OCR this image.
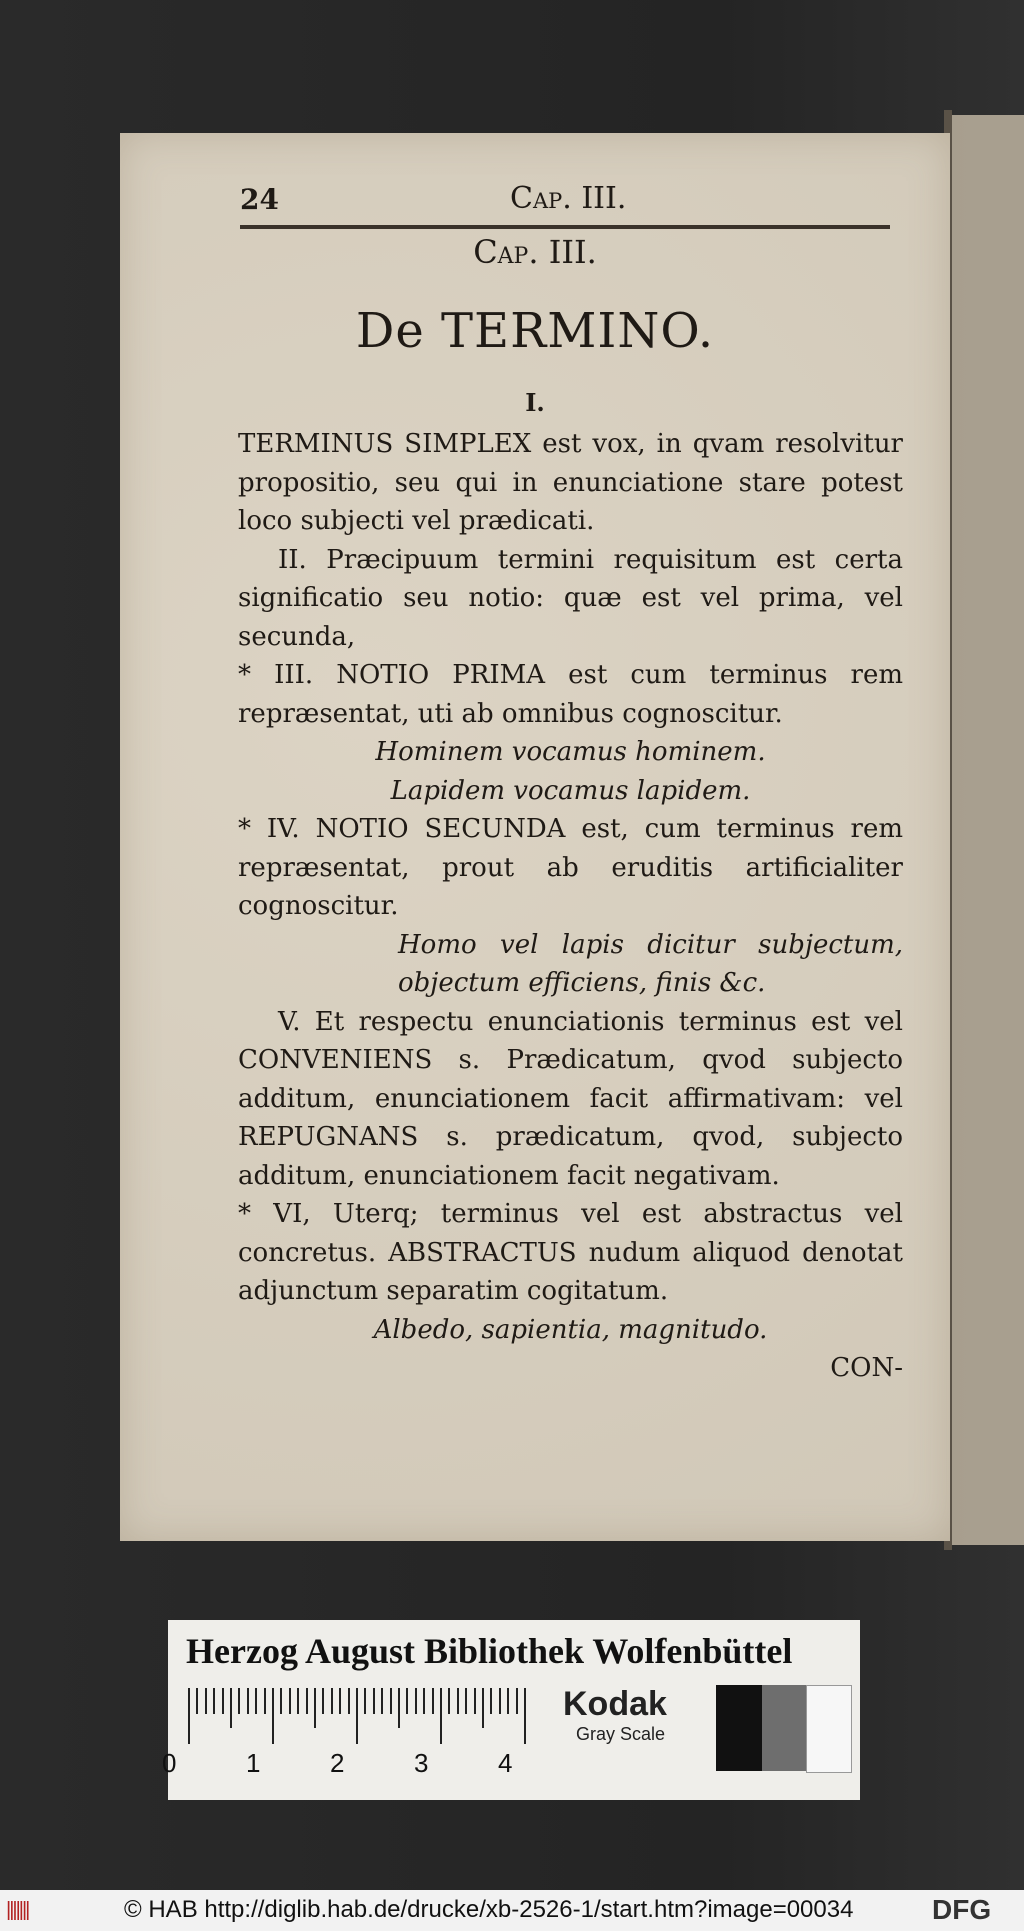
24	Cap. III.
Cap. III.
De TERMINO.
I.

TERMINUS SIMPLEX est vox, in qvam resolvitur propositio, seu qui in enunciatione stare potest loco subjecti vel prædicati.

II. Præcipuum termini requisitum est certa significatio seu notio: quæ est vel prima, vel secunda,

* III. NOTIO PRIMA est cum terminus rem repræsentat, uti ab omnibus cognoscitur.

Hominem vocamus hominem.

Lapidem vocamus lapidem.

* IV. NOTIO SECUNDA est, cum terminus rem repræsentat, prout ab eruditis artificialiter cognoscitur.

Homo vel lapis dicitur subjectum, objectum efficiens, finis &c.

V. Et respectu enunciationis terminus est vel CONVENIENS s. Prædicatum, qvod subjecto additum, enunciationem facit affirmativam: vel REPUGNANS s. prædicatum, qvod, subjecto additum, enunciationem facit negativam.

* VI, Uterq; terminus vel est abstractus vel concretus. ABSTRACTUS nudum aliquod denotat adjunctum separatim cogitatum.

Albedo, sapientia, magnitudo.

CON-

Herzog August Bibliothek Wolfenbüttel
0	1	2	3	4
Kodak
Gray Scale
|||||||	© HAB http://diglib.hab.de/drucke/xb-2526-1/start.htm?image=00034	DFG
